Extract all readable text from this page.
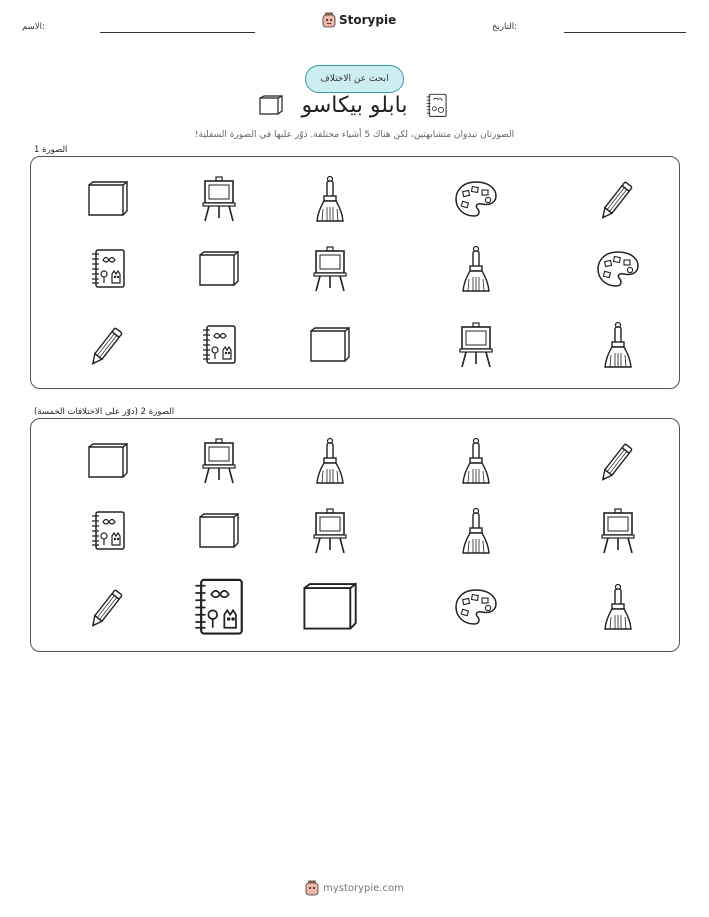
الاسم:	Storypie	التاريخ:
ابحث عن الاختلاف
بابلو بيكاسو
الصورتان تبدوان متشابهتين، لكن هناك 5 أشياء مختلفة. دوّر عليها في الصورة السفلية!
الصورة 1
الصورة 2 (دوّر على الاختلافات الخمسة)
mystorypie.com
